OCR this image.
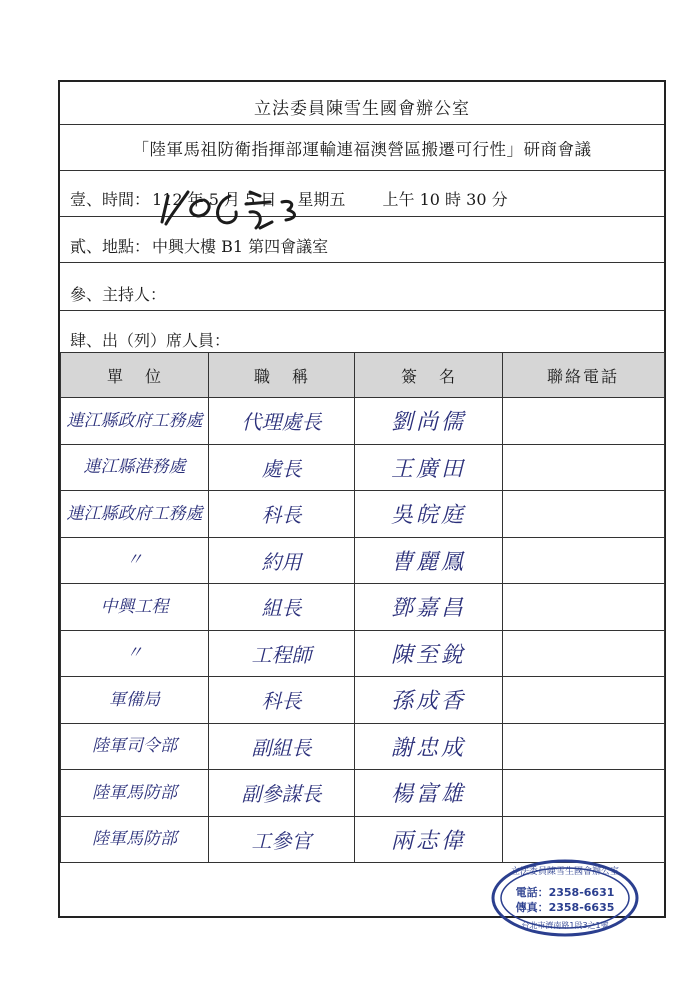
立法委員陳雪生國會辦公室
「陸軍馬祖防衛指揮部運輸連福澳營區搬遷可行性」研商會議
壹、時間： 112 年 5 月 5 日　 星期五　　 上午 10 時 30 分
貳、地點： 中興大樓 B1 第四會議室
參、主持人：
肆、出（列）席人員：
單位	職稱	簽名	聯絡電話
連江縣政府工務處	代理處長	劉尚儒	
連江縣港務處	處長	王廣田	
連江縣政府工務處	科長	吳皖庭	
〃	約用	曹麗鳳	
中興工程	組長	鄧嘉昌	
〃	工程師	陳至銳	
軍備局	科長	孫成香	
陸軍司令部	副組長	謝忠成	
陸軍馬防部	副參謀長	楊富雄	
陸軍馬防部	工參官	兩志偉	
立法委員陳雪生國會辦公室
電話：2358-6631
傳真：2358-6635
台北市濟南路1段3之1號
